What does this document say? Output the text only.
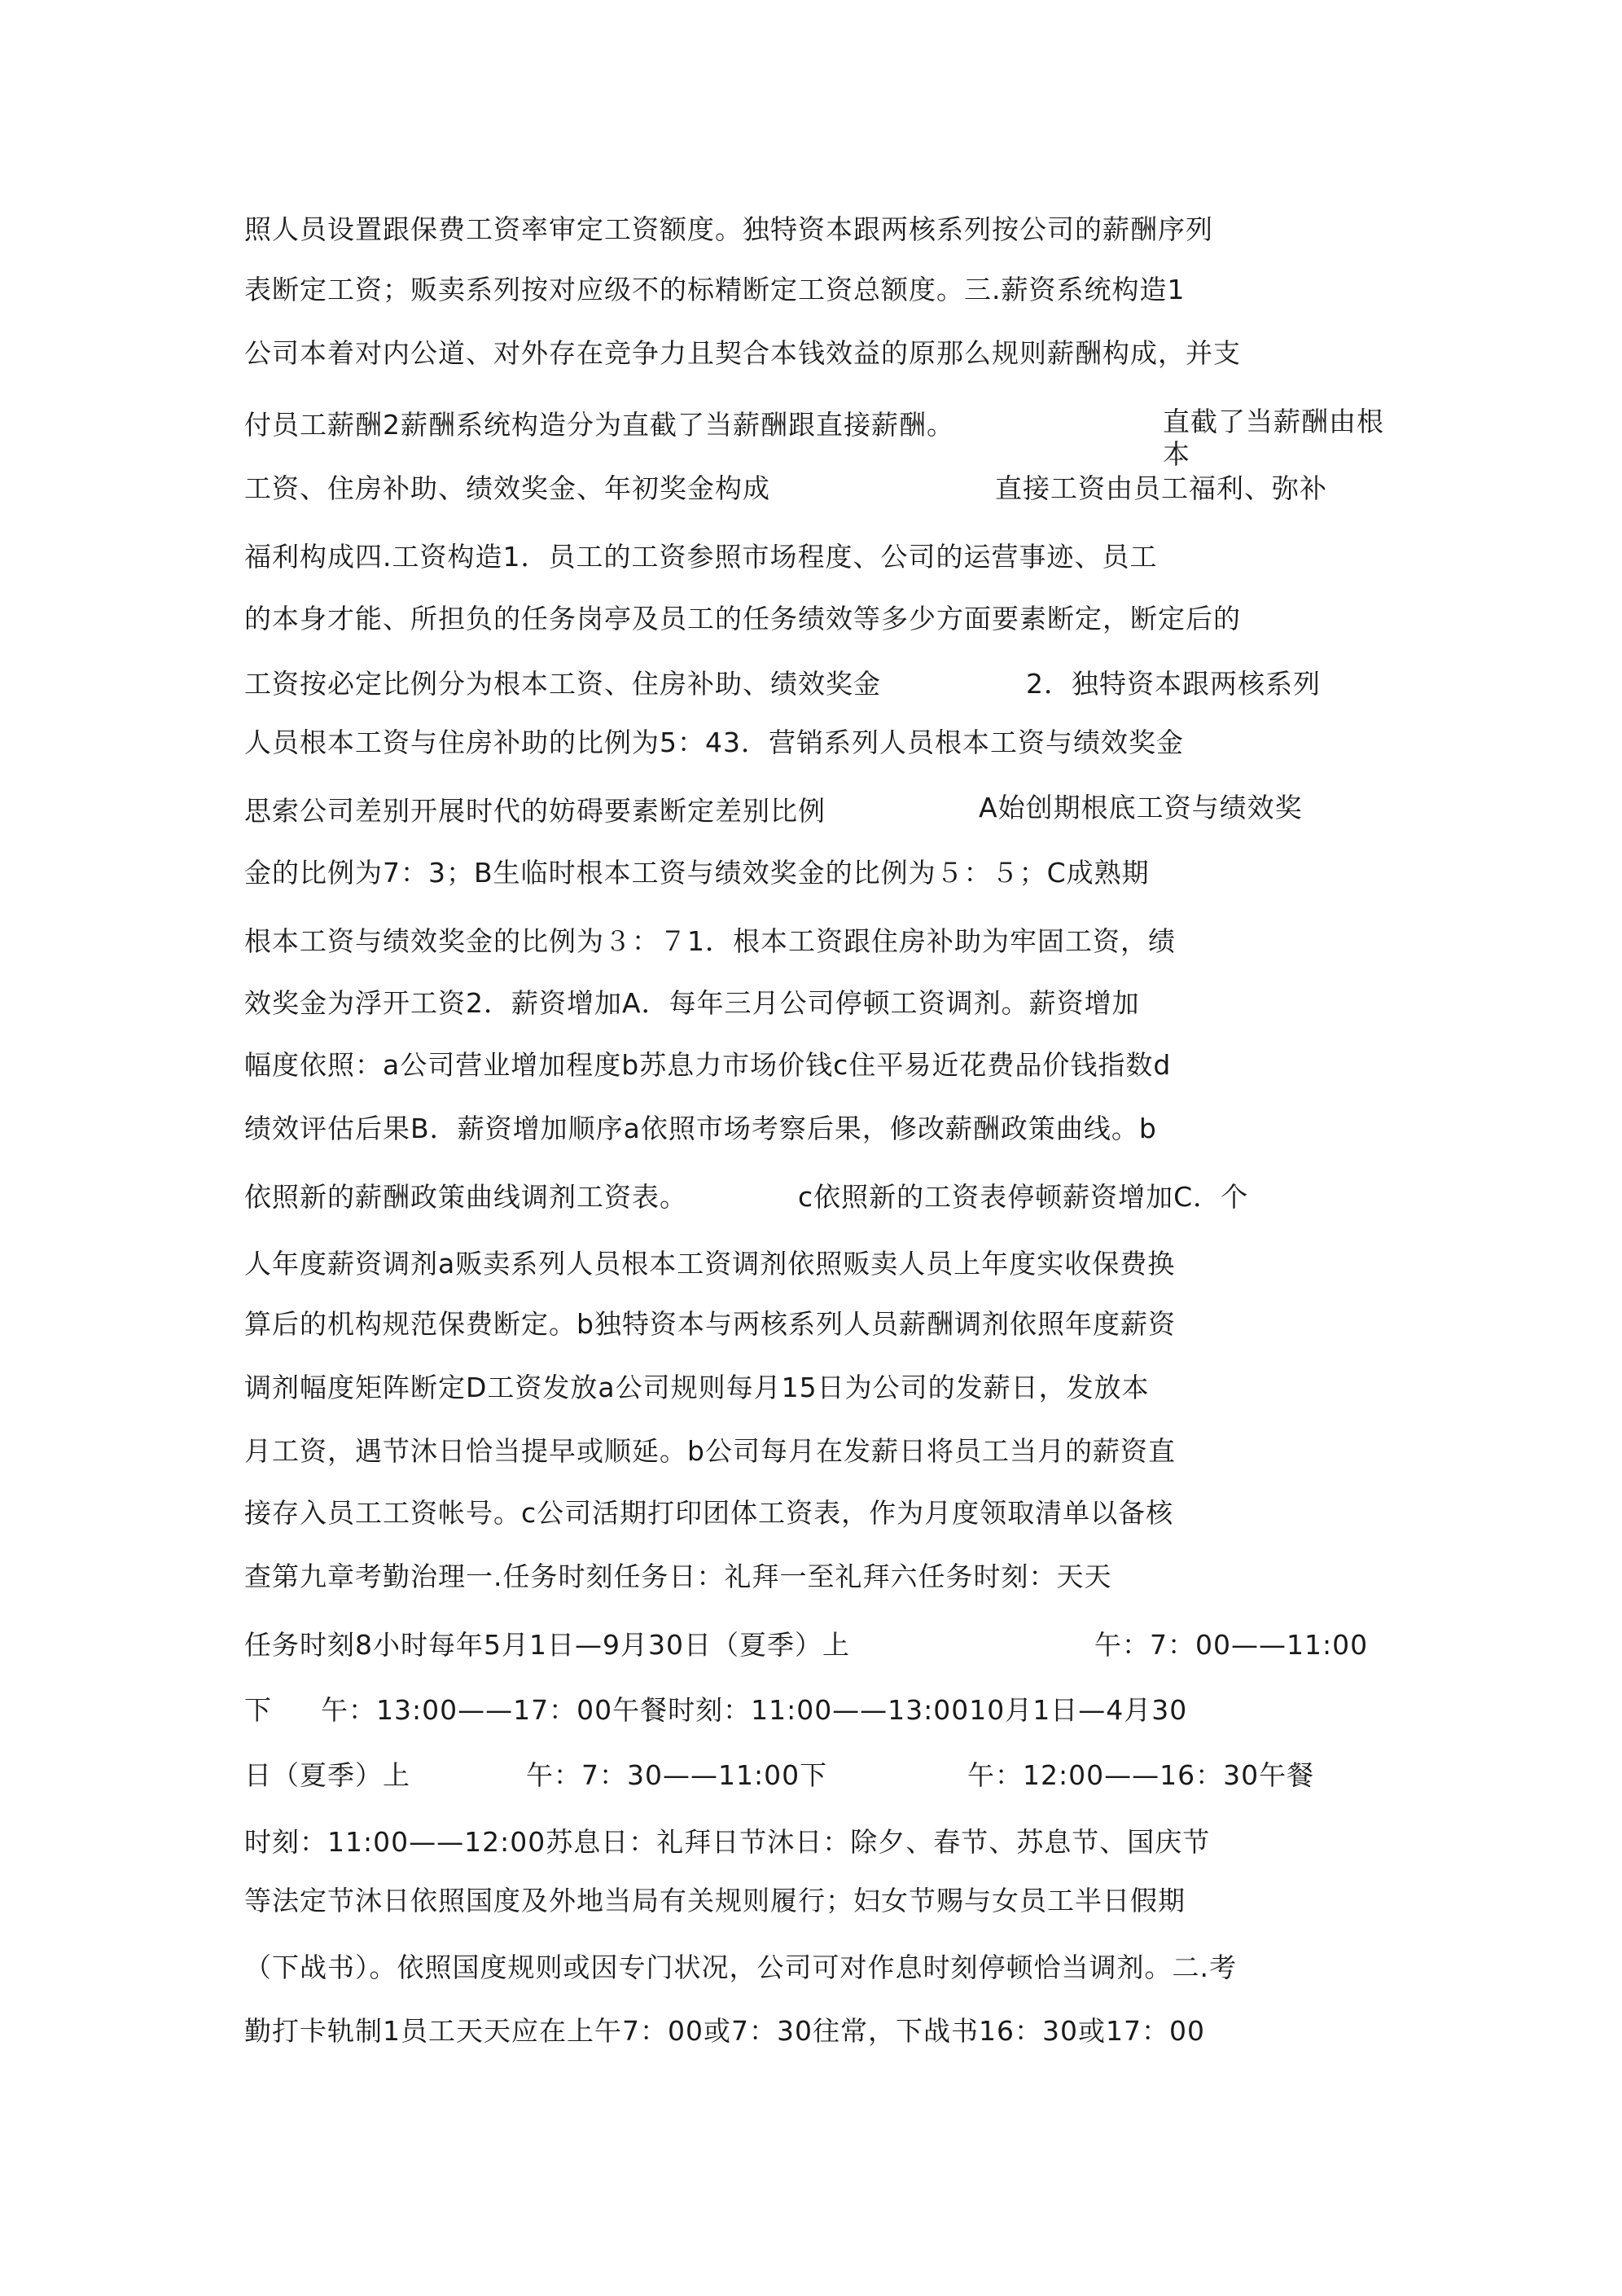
照人员设置跟保费工资率审定工资额度。独特资本跟两核系列按公司的薪酬序列
表断定工资；贩卖系列按对应级不的标精断定工资总额度。三.薪资系统构造1
公司本着对内公道、对外存在竞争力且契合本钱效益的原那么规则薪酬构成，并支
付员工薪酬2薪酬系统构造分为直截了当薪酬跟直接薪酬。	直截了当薪酬由根
本
工资、住房补助、绩效奖金、年初奖金构成	直接工资由员工福利、弥补
福利构成四.工资构造1．员工的工资参照市场程度、公司的运营事迹、员工
的本身才能、所担负的任务岗亭及员工的任务绩效等多少方面要素断定，断定后的
工资按必定比例分为根本工资、住房补助、绩效奖金	2．独特资本跟两核系列
人员根本工资与住房补助的比例为5：43．营销系列人员根本工资与绩效奖金
思索公司差别开展时代的妨碍要素断定差别比例	A始创期根底工资与绩效奖
金的比例为7：3；B生临时根本工资与绩效奖金的比例为５：５；C成熟期
根本工资与绩效奖金的比例为３：７1．根本工资跟住房补助为牢固工资，绩
效奖金为浮开工资2．薪资增加A．每年三月公司停顿工资调剂。薪资增加
幅度依照：a公司营业增加程度b苏息力市场价钱c住平易近花费品价钱指数d
绩效评估后果B．薪资增加顺序a依照市场考察后果，修改薪酬政策曲线。b
依照新的薪酬政策曲线调剂工资表。	c依照新的工资表停顿薪资增加C．个
人年度薪资调剂a贩卖系列人员根本工资调剂依照贩卖人员上年度实收保费换
算后的机构规范保费断定。b独特资本与两核系列人员薪酬调剂依照年度薪资
调剂幅度矩阵断定D工资发放a公司规则每月15日为公司的发薪日，发放本
月工资，遇节沐日恰当提早或顺延。b公司每月在发薪日将员工当月的薪资直
接存入员工工资帐号。c公司活期打印团体工资表，作为月度领取清单以备核
查第九章考勤治理一.任务时刻任务日：礼拜一至礼拜六任务时刻：天天
任务时刻8小时每年5月1日—9月30日（夏季）上	午：7：00——11:00
下 午：13:00——17：00午餐时刻：11:00——13:0010月1日—4月30
日（夏季）上	午：7：30——11:00下	午：12:00——16：30午餐
时刻：11:00——12:00苏息日：礼拜日节沐日：除夕、春节、苏息节、国庆节
等法定节沐日依照国度及外地当局有关规则履行；妇女节赐与女员工半日假期
（下战书）。依照国度规则或因专门状况，公司可对作息时刻停顿恰当调剂。二.考
勤打卡轨制1员工天天应在上午7：00或7：30往常，下战书16：30或17：00
